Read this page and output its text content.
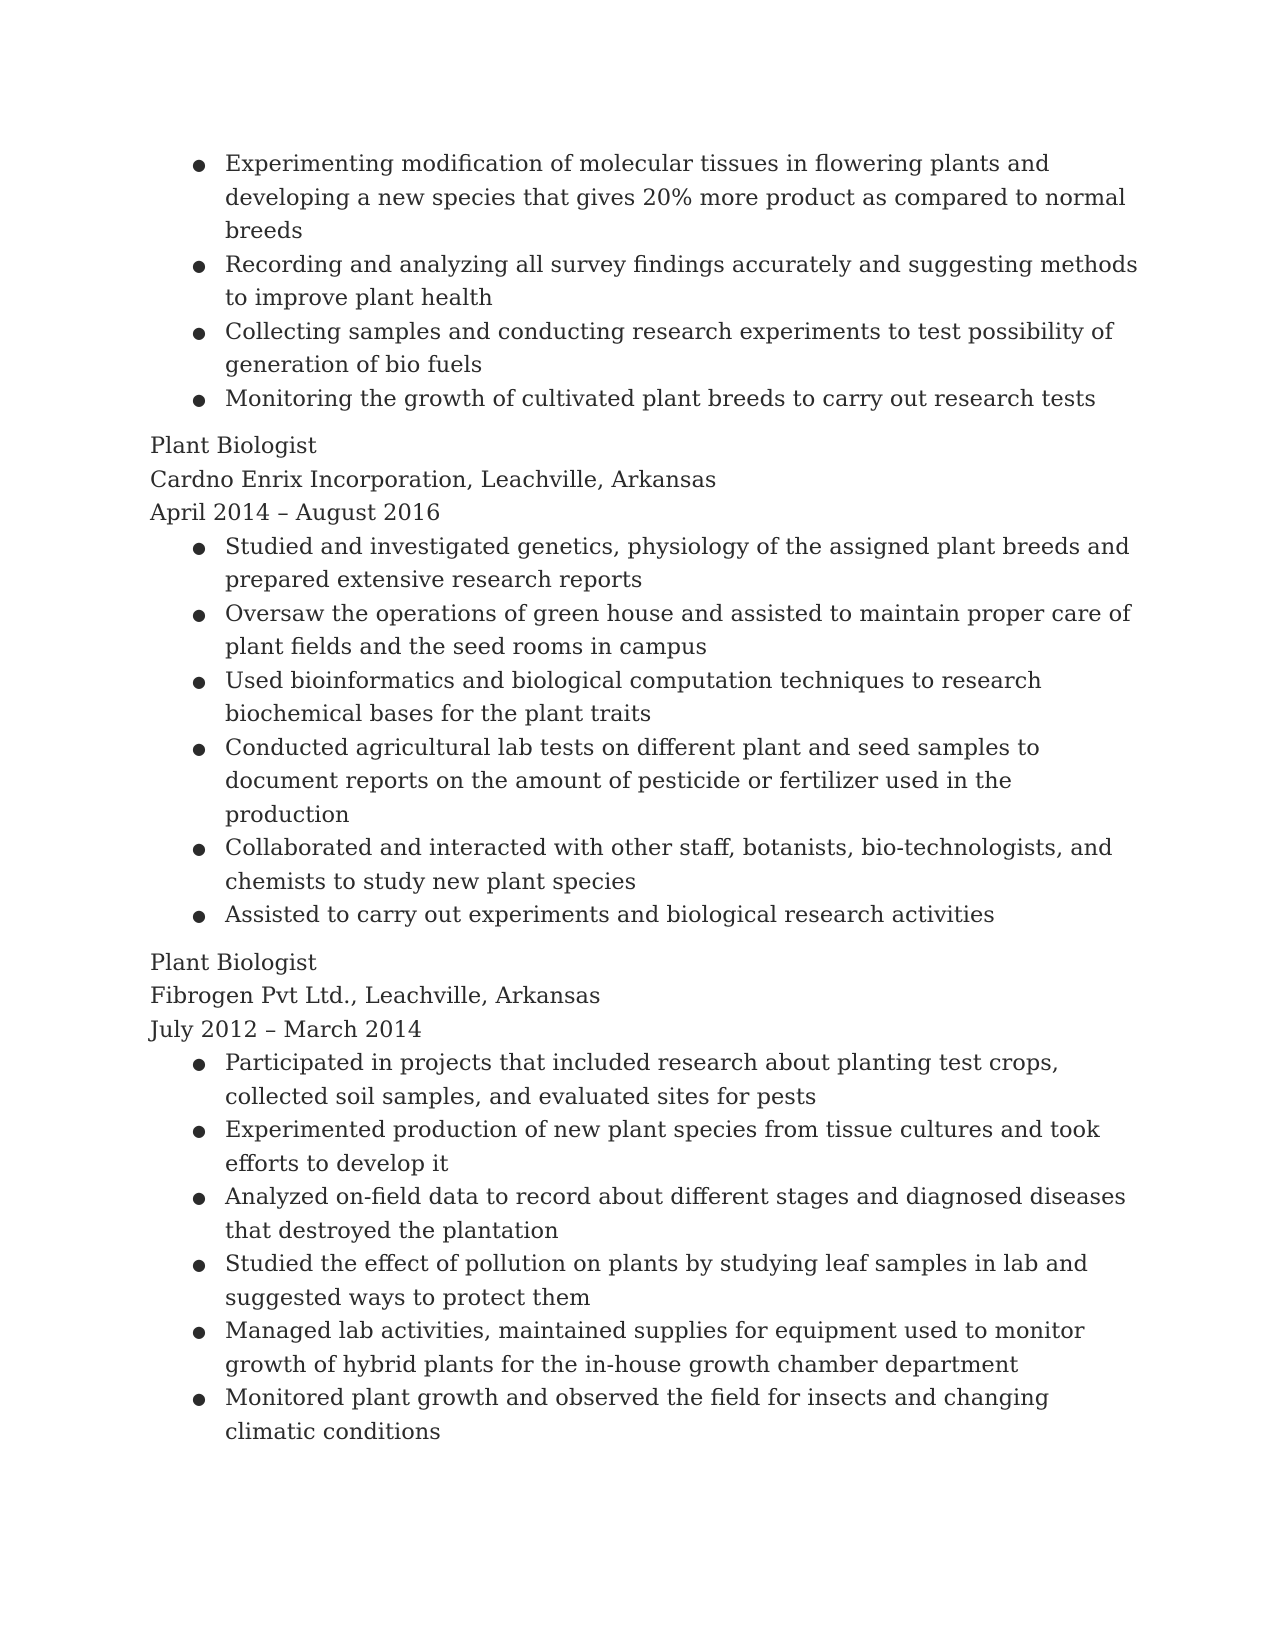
● Experimenting modification of molecular tissues in flowering plants and developing a new species that gives 20% more product as compared to normal breeds
● Recording and analyzing all survey findings accurately and suggesting methods to improve plant health
● Collecting samples and conducting research experiments to test possibility of generation of bio fuels
● Monitoring the growth of cultivated plant breeds to carry out research tests
Plant Biologist
Cardno Enrix Incorporation, Leachville, Arkansas
April 2014 – August 2016
● Studied and investigated genetics, physiology of the assigned plant breeds and prepared extensive research reports
● Oversaw the operations of green house and assisted to maintain proper care of plant fields and the seed rooms in campus
● Used bioinformatics and biological computation techniques to research biochemical bases for the plant traits
● Conducted agricultural lab tests on different plant and seed samples to document reports on the amount of pesticide or fertilizer used in the production
● Collaborated and interacted with other staff, botanists, bio-technologists, and chemists to study new plant species
● Assisted to carry out experiments and biological research activities
Plant Biologist
Fibrogen Pvt Ltd., Leachville, Arkansas
July 2012 – March 2014
● Participated in projects that included research about planting test crops, collected soil samples, and evaluated sites for pests
● Experimented production of new plant species from tissue cultures and took efforts to develop it
● Analyzed on-field data to record about different stages and diagnosed diseases that destroyed the plantation
● Studied the effect of pollution on plants by studying leaf samples in lab and suggested ways to protect them
● Managed lab activities, maintained supplies for equipment used to monitor growth of hybrid plants for the in-house growth chamber department
● Monitored plant growth and observed the field for insects and changing climatic conditions
